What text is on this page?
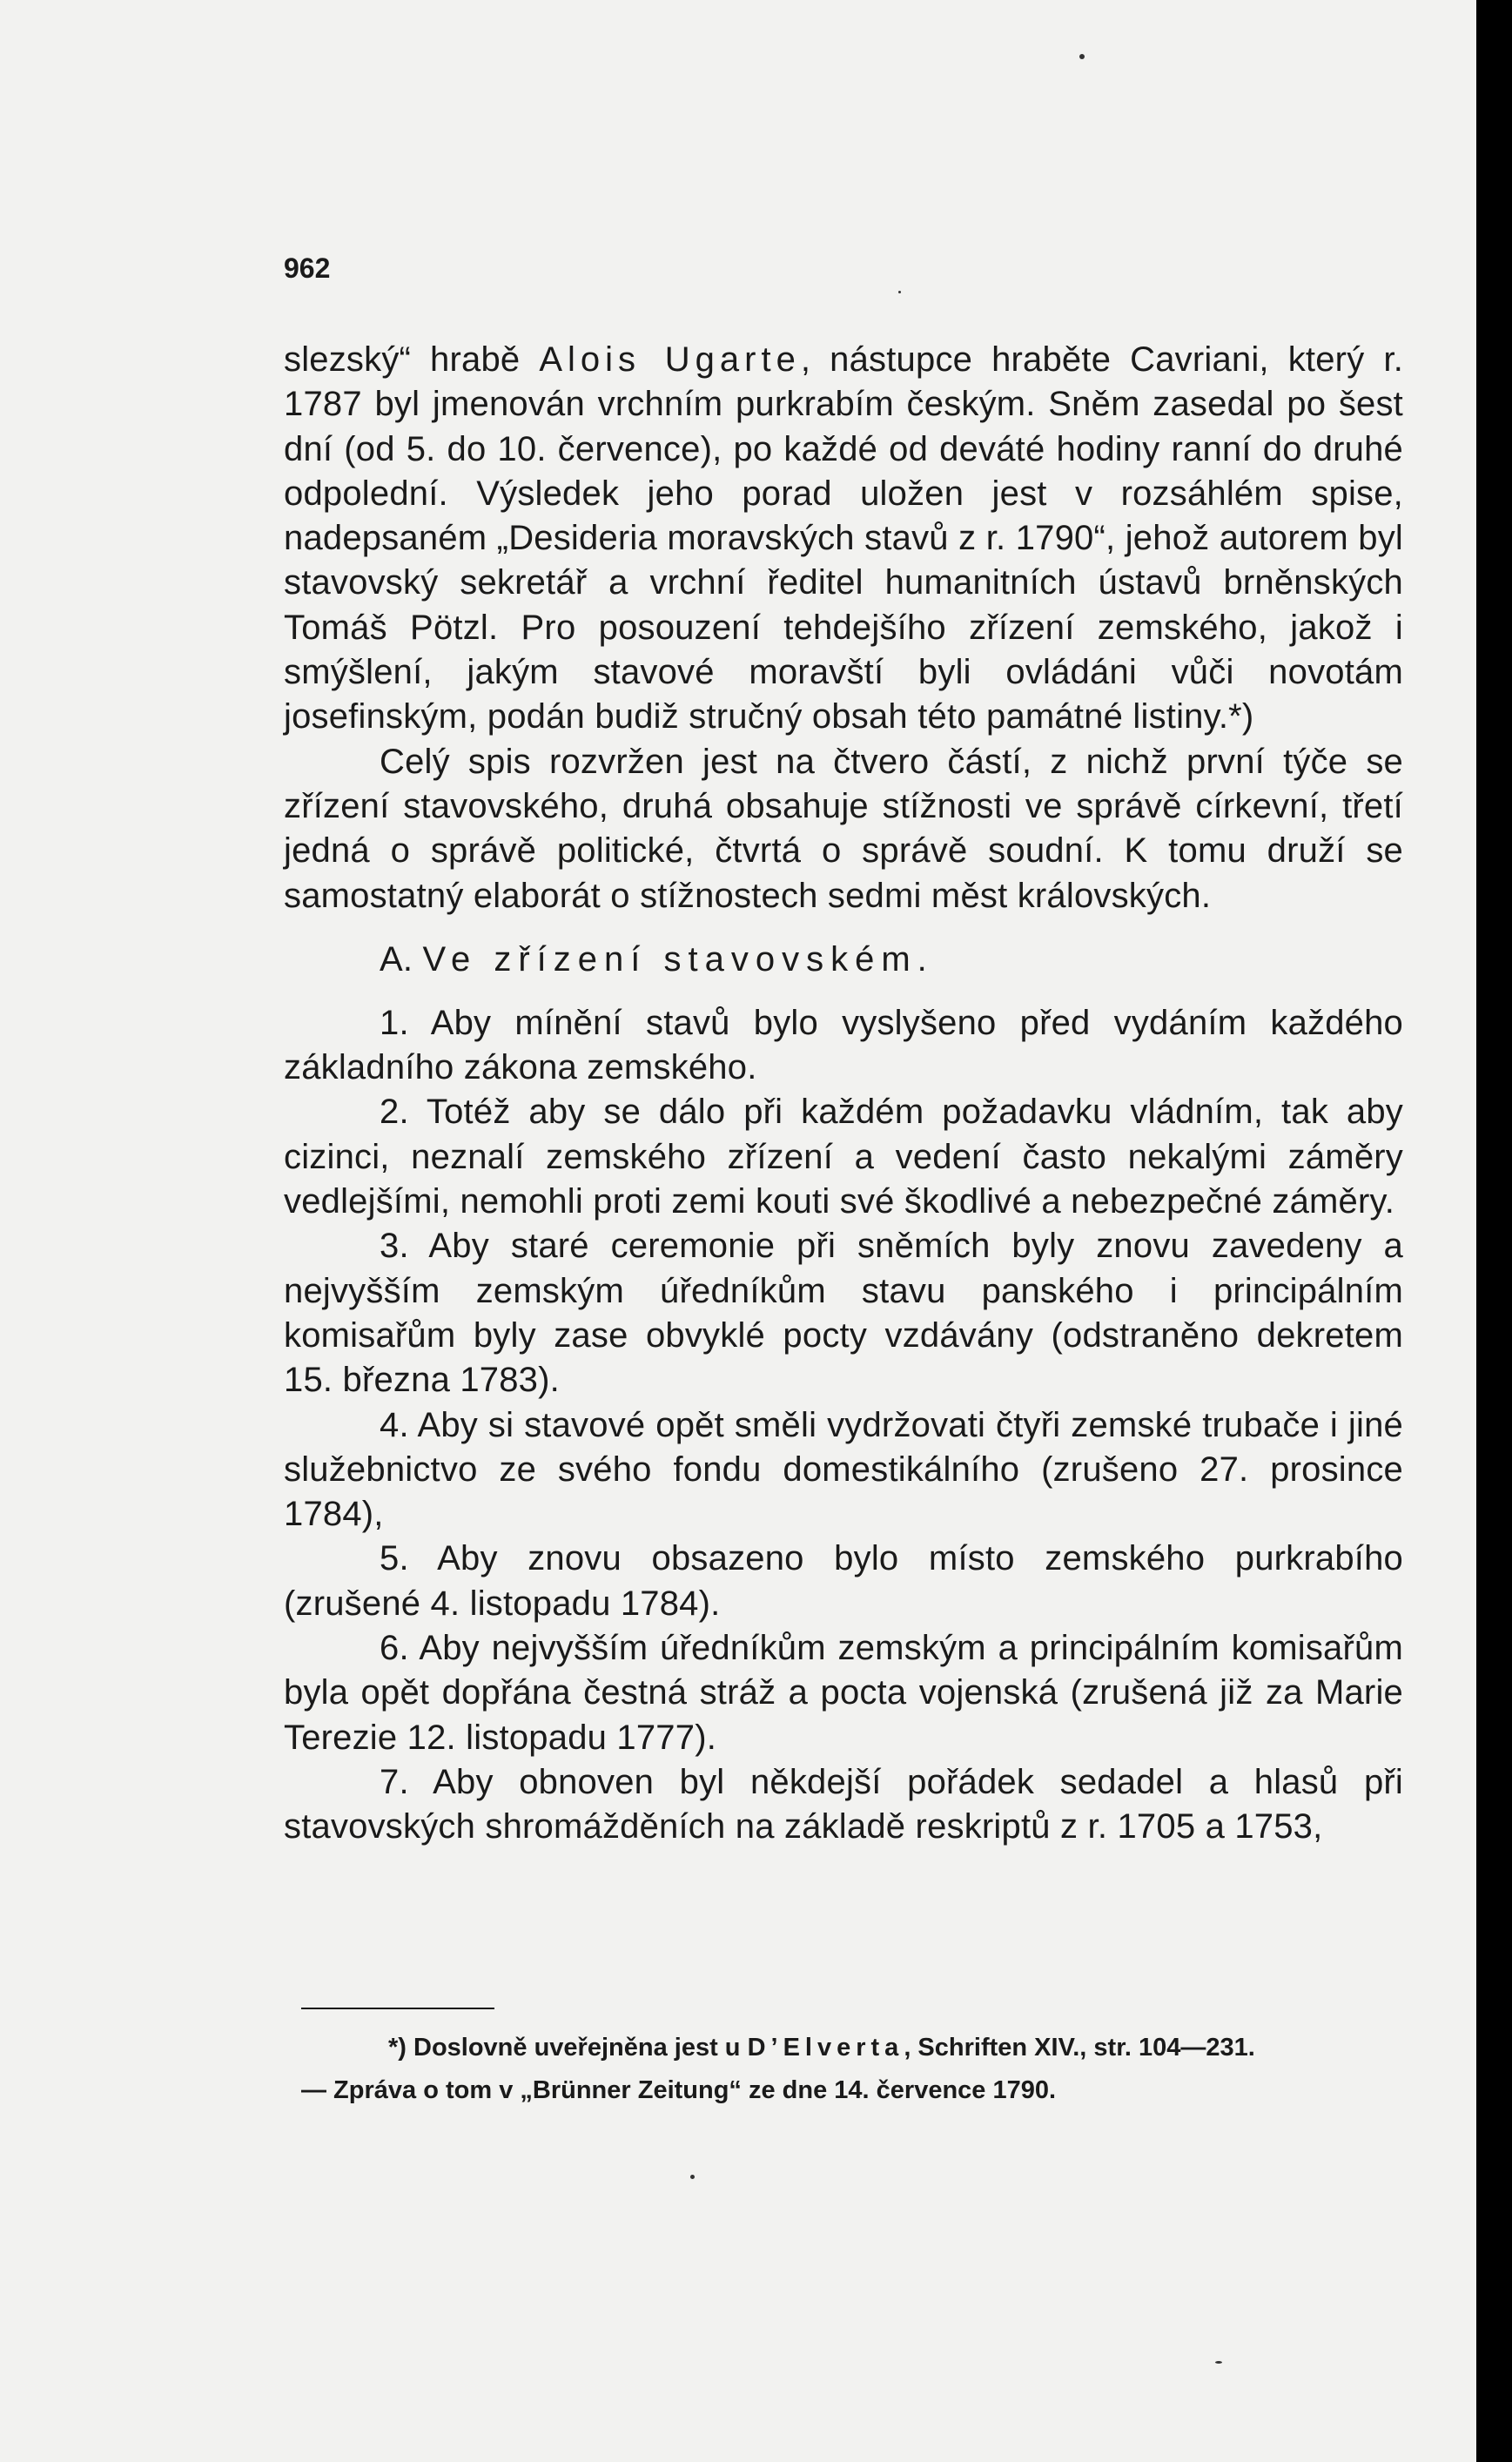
962

slezský“ hrabě Alois Ugarte, nástupce hraběte Cavriani, který r. 1787 byl jmenován vrchním purkrabím českým. Sněm zasedal po šest dní (od 5. do 10. července), po každé od deváté hodiny ranní do druhé odpolední. Výsledek jeho porad uložen jest v rozsáhlém spise, nadepsaném „Desideria moravských stavů z r. 1790“, jehož autorem byl stavovský sekretář a vrchní ředitel humanitních ústavů brněnských Tomáš Pötzl. Pro posouzení tehdejšího zřízení zemského, jakož i smýšlení, jakým stavové moravští byli ovládáni vůči novotám josefinským, podán budiž stručný obsah této památné listiny.*)

Celý spis rozvržen jest na čtvero částí, z nichž první týče se zřízení stavovského, druhá obsahuje stížnosti ve správě církevní, třetí jedná o správě politické, čtvrtá o správě soudní. K tomu druží se samostatný elaborát o stížnostech sedmi měst královských.

A. Ve zřízení stavovském.

1. Aby mínění stavů bylo vyslyšeno před vydáním každého základního zákona zemského.

2. Totéž aby se dálo při každém požadavku vládním, tak aby cizinci, neznalí zemského zřízení a vedení často nekalými záměry vedlejšími, nemohli proti zemi kouti své škodlivé a nebezpečné záměry.

3. Aby staré ceremonie při sněmích byly znovu zavedeny a nejvyšším zemským úředníkům stavu panského i principálním komisařům byly zase obvyklé pocty vzdávány (odstraněno dekretem 15. března 1783).

4. Aby si stavové opět směli vydržovati čtyři zemské trubače i jiné služebnictvo ze svého fondu domestikálního (zrušeno 27. prosince 1784),

5. Aby znovu obsazeno bylo místo zemského purkrabího (zrušené 4. listopadu 1784).

6. Aby nejvyšším úředníkům zemským a principálním komisařům byla opět dopřána čestná stráž a pocta vojenská (zrušená již za Marie Terezie 12. listopadu 1777).

7. Aby obnoven byl někdejší pořádek sedadel a hlasů při stavovských shromážděních na základě reskriptů z r. 1705 a 1753,

*) Doslovně uveřejněna jest u D’Elverta, Schriften XIV., str. 104—231.

— Zpráva o tom v „Brünner Zeitung“ ze dne 14. července 1790.
